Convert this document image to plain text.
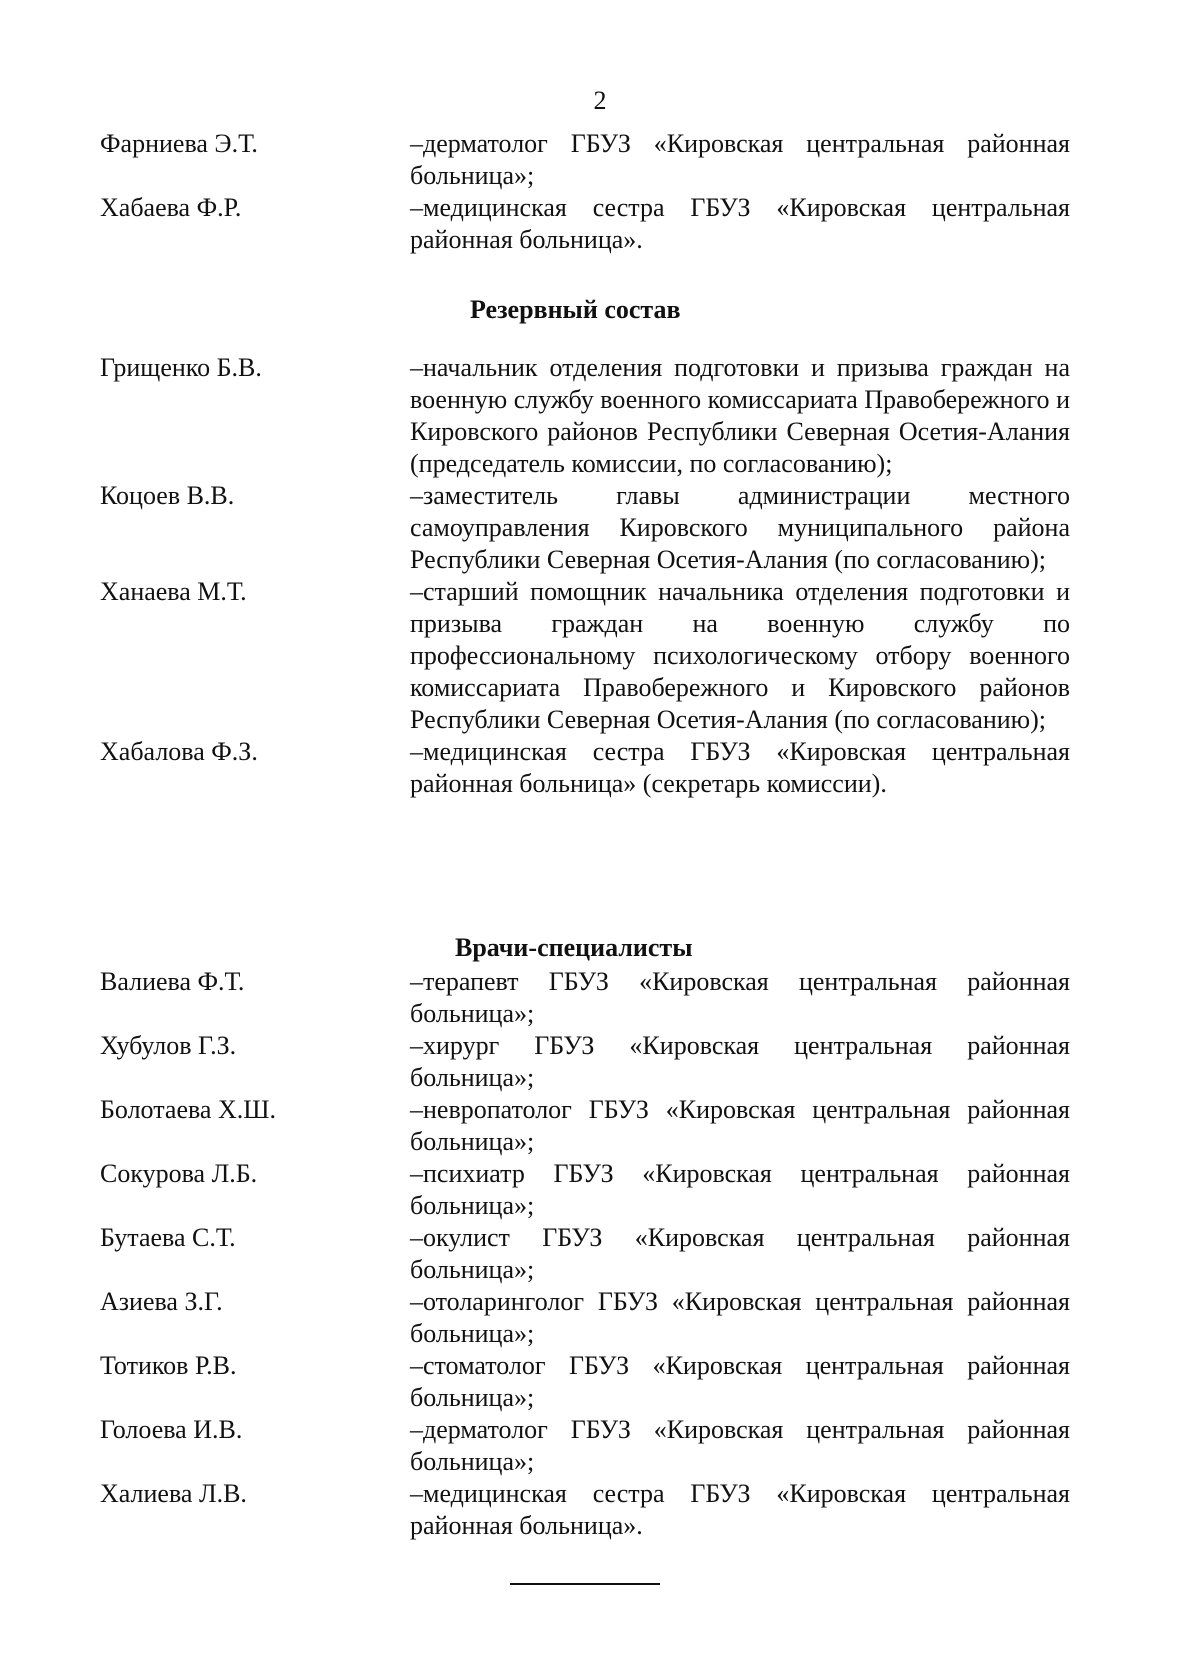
2
Фарниева Э.Т.	–дерматолог ГБУЗ «Кировская центральная районная больница»;
Хабаева Ф.Р.	–медицинская сестра ГБУЗ «Кировская центральная районная больница».
Резервный состав
Грищенко Б.В.	–начальник отделения подготовки и призыва граждан на военную службу военного комиссариата Правобережного и Кировского районов Республики Северная Осетия-Алания (председатель комиссии, по согласованию);
Коцоев В.В.	–заместитель главы администрации местного самоуправления Кировского муниципального района Республики Северная Осетия-Алания (по согласованию);
Ханаева М.Т.	–старший помощник начальника отделения подготовки и призыва граждан на военную службу по профессиональному психологическому отбору военного комиссариата Правобережного и Кировского районов Республики Северная Осетия-Алания (по согласованию);
Хабалова Ф.З.	–медицинская сестра ГБУЗ «Кировская центральная районная больница» (секретарь комиссии).
Врачи-специалисты
Валиева Ф.Т.	–терапевт ГБУЗ «Кировская центральная районная больница»;
Хубулов Г.З.	–хирург ГБУЗ «Кировская центральная районная больница»;
Болотаева Х.Ш.	–невропатолог ГБУЗ «Кировская центральная районная больница»;
Сокурова Л.Б.	–психиатр ГБУЗ «Кировская центральная районная больница»;
Бутаева С.Т.	–окулист ГБУЗ «Кировская центральная районная больница»;
Азиева З.Г.	–отоларинголог ГБУЗ «Кировская центральная районная больница»;
Тотиков Р.В.	–стоматолог ГБУЗ «Кировская центральная районная больница»;
Голоева И.В.	–дерматолог ГБУЗ «Кировская центральная районная больница»;
Халиева Л.В.	–медицинская сестра ГБУЗ «Кировская центральная районная больница».
